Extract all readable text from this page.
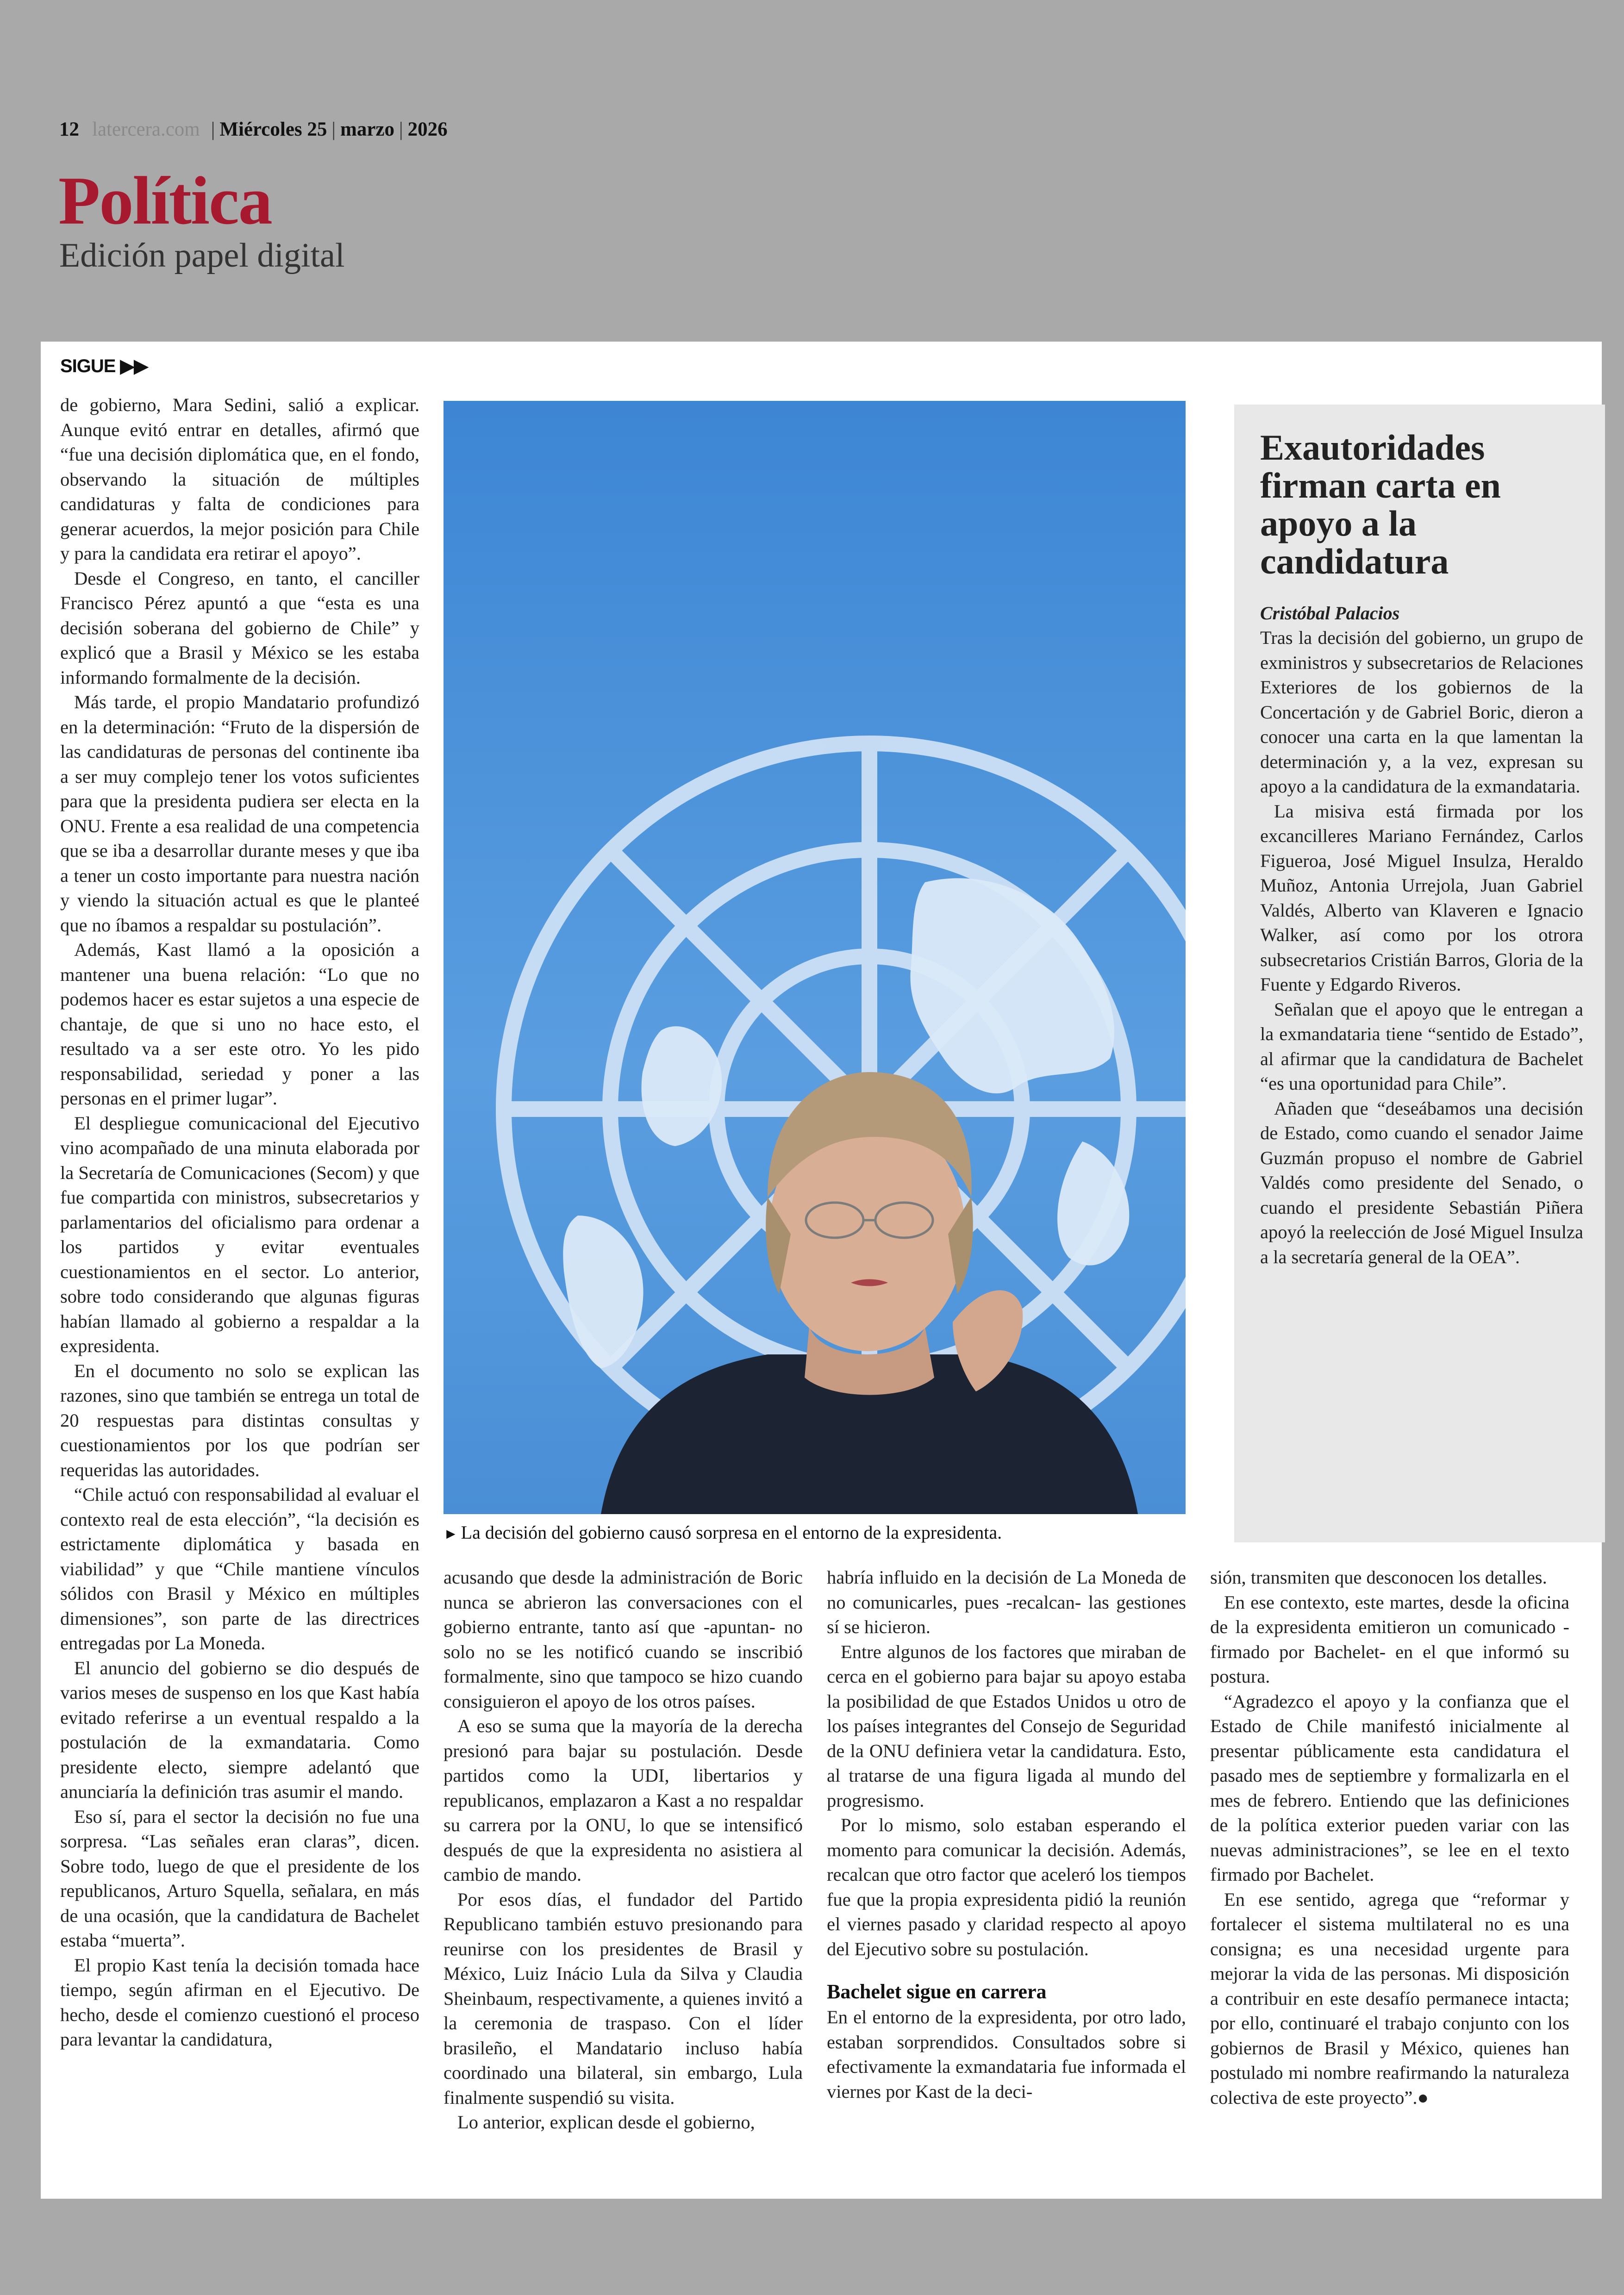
12 latercera.com | Miércoles 25 | marzo | 2026
Política
Edición papel digital
SIGUE ▶▶

de gobierno, Mara Sedini, salió a explicar. Aunque evitó entrar en detalles, afirmó que “fue una decisión diplomática que, en el fondo, observando la situación de múltiples candidaturas y falta de condiciones para generar acuerdos, la mejor posición para Chile y para la candidata era retirar el apoyo”.

Desde el Congreso, en tanto, el canciller Francisco Pérez apuntó a que “esta es una decisión soberana del gobierno de Chile” y explicó que a Brasil y México se les estaba informando formalmente de la decisión.

Más tarde, el propio Mandatario profundizó en la determinación: “Fruto de la dispersión de las candidaturas de personas del continente iba a ser muy complejo tener los votos suficientes para que la presidenta pudiera ser electa en la ONU. Frente a esa realidad de una competencia que se iba a desarrollar durante meses y que iba a tener un costo importante para nuestra nación y viendo la situación actual es que le planteé que no íbamos a respaldar su postulación”.

Además, Kast llamó a la oposición a mantener una buena relación: “Lo que no podemos hacer es estar sujetos a una especie de chantaje, de que si uno no hace esto, el resultado va a ser este otro. Yo les pido responsabilidad, seriedad y poner a las personas en el primer lugar”.

El despliegue comunicacional del Ejecutivo vino acompañado de una minuta elaborada por la Secretaría de Comunicaciones (Secom) y que fue compartida con ministros, subsecretarios y parlamentarios del oficialismo para ordenar a los partidos y evitar eventuales cuestionamientos en el sector. Lo anterior, sobre todo considerando que algunas figuras habían llamado al gobierno a respaldar a la expresidenta.

En el documento no solo se explican las razones, sino que también se entrega un total de 20 respuestas para distintas consultas y cuestionamientos por los que podrían ser requeridas las autoridades.

“Chile actuó con responsabilidad al evaluar el contexto real de esta elección”, “la decisión es estrictamente diplomática y basada en viabilidad” y que “Chile mantiene vínculos sólidos con Brasil y México en múltiples dimensiones”, son parte de las directrices entregadas por La Moneda.

El anuncio del gobierno se dio después de varios meses de suspenso en los que Kast había evitado referirse a un eventual respaldo a la postulación de la exmandataria. Como presidente electo, siempre adelantó que anunciaría la definición tras asumir el mando.

Eso sí, para el sector la decisión no fue una sorpresa. “Las señales eran claras”, dicen. Sobre todo, luego de que el presidente de los republicanos, Arturo Squella, señalara, en más de una ocasión, que la candidatura de Bachelet estaba “muerta”.

El propio Kast tenía la decisión tomada hace tiempo, según afirman en el Ejecutivo. De hecho, desde el comienzo cuestionó el proceso para levantar la candidatura,

► La decisión del gobierno causó sorpresa en el entorno de la expresidenta.
Exautoridades firman carta en apoyo a la candidatura
Cristóbal Palacios

Tras la decisión del gobierno, un grupo de exministros y subsecretarios de Relaciones Exteriores de los gobiernos de la Concertación y de Gabriel Boric, dieron a conocer una carta en la que lamentan la determinación y, a la vez, expresan su apoyo a la candidatura de la exmandataria.

La misiva está firmada por los excancilleres Mariano Fernández, Carlos Figueroa, José Miguel Insulza, Heraldo Muñoz, Antonia Urrejola, Juan Gabriel Valdés, Alberto van Klaveren e Ignacio Walker, así como por los otrora subsecretarios Cristián Barros, Gloria de la Fuente y Edgardo Riveros.

Señalan que el apoyo que le entregan a la exmandataria tiene “sentido de Estado”, al afirmar que la candidatura de Bachelet “es una oportunidad para Chile”.

Añaden que “deseábamos una decisión de Estado, como cuando el senador Jaime Guzmán propuso el nombre de Gabriel Valdés como presidente del Senado, o cuando el presidente Sebastián Piñera apoyó la reelección de José Miguel Insulza a la secretaría general de la OEA”.

acusando que desde la administración de Boric nunca se abrieron las conversaciones con el gobierno entrante, tanto así que -apuntan- no solo no se les notificó cuando se inscribió formalmente, sino que tampoco se hizo cuando consiguieron el apoyo de los otros países.

A eso se suma que la mayoría de la derecha presionó para bajar su postulación. Desde partidos como la UDI, libertarios y republicanos, emplazaron a Kast a no respaldar su carrera por la ONU, lo que se intensificó después de que la expresidenta no asistiera al cambio de mando.

Por esos días, el fundador del Partido Republicano también estuvo presionando para reunirse con los presidentes de Brasil y México, Luiz Inácio Lula da Silva y Claudia Sheinbaum, respectivamente, a quienes invitó a la ceremonia de traspaso. Con el líder brasileño, el Mandatario incluso había coordinado una bilateral, sin embargo, Lula finalmente suspendió su visita.

Lo anterior, explican desde el gobierno,

habría influido en la decisión de La Moneda de no comunicarles, pues -recalcan- las gestiones sí se hicieron.

Entre algunos de los factores que miraban de cerca en el gobierno para bajar su apoyo estaba la posibilidad de que Estados Unidos u otro de los países integrantes del Consejo de Seguridad de la ONU definiera vetar la candidatura. Esto, al tratarse de una figura ligada al mundo del progresismo.

Por lo mismo, solo estaban esperando el momento para comunicar la decisión. Además, recalcan que otro factor que aceleró los tiempos fue que la propia expresidenta pidió la reunión el viernes pasado y claridad respecto al apoyo del Ejecutivo sobre su postulación.

Bachelet sigue en carrera

En el entorno de la expresidenta, por otro lado, estaban sorprendidos. Consultados sobre si efectivamente la exmandataria fue informada el viernes por Kast de la deci-

sión, transmiten que desconocen los detalles.

En ese contexto, este martes, desde la oficina de la expresidenta emitieron un comunicado -firmado por Bachelet- en el que informó su postura.

“Agradezco el apoyo y la confianza que el Estado de Chile manifestó inicialmente al presentar públicamente esta candidatura el pasado mes de septiembre y formalizarla en el mes de febrero. Entiendo que las definiciones de la política exterior pueden variar con las nuevas administraciones”, se lee en el texto firmado por Bachelet.

En ese sentido, agrega que “reformar y fortalecer el sistema multilateral no es una consigna; es una necesidad urgente para mejorar la vida de las personas. Mi disposición a contribuir en este desafío permanece intacta; por ello, continuaré el trabajo conjunto con los gobiernos de Brasil y México, quienes han postulado mi nombre reafirmando la naturaleza colectiva de este proyecto”.●
